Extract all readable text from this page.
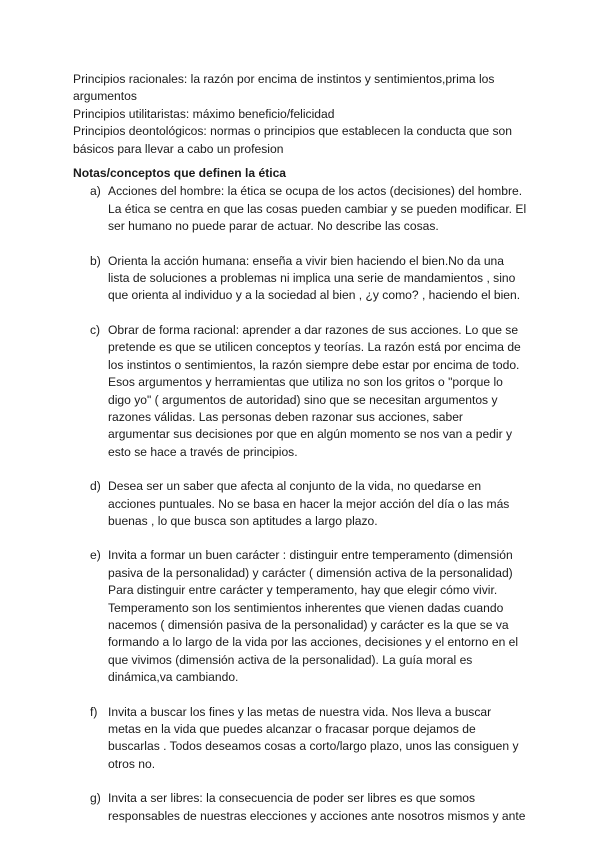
Principios racionales: la razón por encima de instintos y sentimientos,prima los argumentos

Principios utilitaristas: máximo beneficio/felicidad

Principios deontológicos: normas o principios que establecen la conducta que son básicos para llevar a cabo un profesion

Notas/conceptos que definen la ética

a) Acciones del hombre: la ética se ocupa de los actos (decisiones) del hombre.
La ética se centra en que las cosas pueden cambiar y se pueden modificar. El
ser humano no puede parar de actuar. No describe las cosas.
b) Orienta la acción humana: enseña a vivir bien haciendo el bien.No da una
lista de soluciones a problemas ni implica una serie de mandamientos , sino
que orienta al individuo y a la sociedad al bien , ¿y como? , haciendo el bien.
c) Obrar de forma racional: aprender a dar razones de sus acciones. Lo que se
pretende es que se utilicen conceptos y teorías. La razón está por encima de
los instintos o sentimientos, la razón siempre debe estar por encima de todo.
Esos argumentos y herramientas que utiliza no son los gritos o "porque lo
digo yo" ( argumentos de autoridad) sino que se necesitan argumentos y
razones válidas. Las personas deben razonar sus acciones, saber
argumentar sus decisiones por que en algún momento se nos van a pedir y
esto se hace a través de principios.
d) Desea ser un saber que afecta al conjunto de la vida, no quedarse en
acciones puntuales. No se basa en hacer la mejor acción del día o las más
buenas , lo que busca son aptitudes a largo plazo.
e) Invita a formar un buen carácter : distinguir entre temperamento (dimensión
pasiva de la personalidad) y carácter ( dimensión activa de la personalidad)
Para distinguir entre carácter y temperamento, hay que elegir cómo vivir.
Temperamento son los sentimientos inherentes que vienen dadas cuando
nacemos ( dimensión pasiva de la personalidad) y carácter es la que se va
formando a lo largo de la vida por las acciones, decisiones y el entorno en el
que vivimos (dimensión activa de la personalidad). La guía moral es
dinámica,va cambiando.
f) Invita a buscar los fines y las metas de nuestra vida. Nos lleva a buscar
metas en la vida que puedes alcanzar o fracasar porque dejamos de
buscarlas . Todos deseamos cosas a corto/largo plazo, unos las consiguen y
otros no.
g) Invita a ser libres: la consecuencia de poder ser libres es que somos
responsables de nuestras elecciones y acciones ante nosotros mismos y ante
